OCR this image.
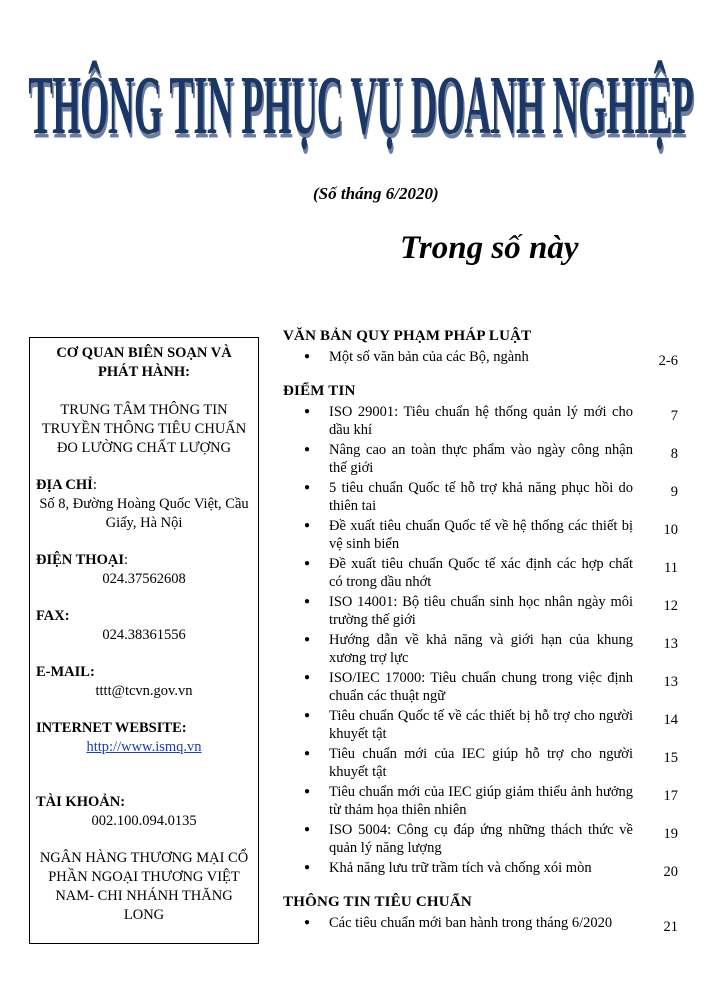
THÔNG TIN PHỤC VỤ DOANH NGHIỆP
(Số tháng 6/2020)
Trong số này

CƠ QUAN BIÊN SOẠN VÀ PHÁT HÀNH:

TRUNG TÂM THÔNG TIN TRUYỀN THÔNG TIÊU CHUẨN ĐO LƯỜNG CHẤT LƯỢNG

ĐỊA CHỈ:

Số 8, Đường Hoàng Quốc Việt, Cầu Giấy, Hà Nội

ĐIỆN THOẠI:

024.37562608

FAX:

024.38361556

E-MAIL:

tttt@tcvn.gov.vn

INTERNET WEBSITE:

http://www.ismq.vn

TÀI KHOẢN:

002.100.094.0135

NGÂN HÀNG THƯƠNG MẠI CỔ PHẦN NGOẠI THƯƠNG VIỆT NAM- CHI NHÁNH THĂNG LONG

VĂN BẢN QUY PHẠM PHÁP LUẬT

●	Một số văn bản của các Bộ, ngành	2-6

ĐIỂM TIN

●	ISO 29001: Tiêu chuẩn hệ thống quản lý mới cho dầu khí
7
●	Nâng cao an toàn thực phẩm vào ngày công nhận thế giới
8
●	5 tiêu chuẩn Quốc tế hỗ trợ khả năng phục hồi do thiên tai
9
●	Đề xuất tiêu chuẩn Quốc tế về hệ thống các thiết bị vệ sinh biển
10
●	Đề xuất tiêu chuẩn Quốc tế xác định các hợp chất có trong dầu nhớt
11
●	ISO 14001: Bộ tiêu chuẩn sinh học nhân ngày môi trường thế giới
12
●	Hướng dẫn về khả năng và giới hạn của khung xương trợ lực
13
●	ISO/IEC 17000: Tiêu chuẩn chung trong việc định chuẩn các thuật ngữ
13
●	Tiêu chuẩn Quốc tế về các thiết bị hỗ trợ cho người khuyết tật
14
●	Tiêu chuẩn mới của IEC giúp hỗ trợ cho người khuyết tật
15
●	Tiêu chuẩn mới của IEC giúp giảm thiểu ảnh hưởng từ thảm họa thiên nhiên
17
●	ISO 5004: Công cụ đáp ứng những thách thức về quản lý năng lượng
19
●	Khả năng lưu trữ trầm tích và chống xói mòn	20

THÔNG TIN TIÊU CHUẨN

●	Các tiêu chuẩn mới ban hành trong tháng 6/2020	21
